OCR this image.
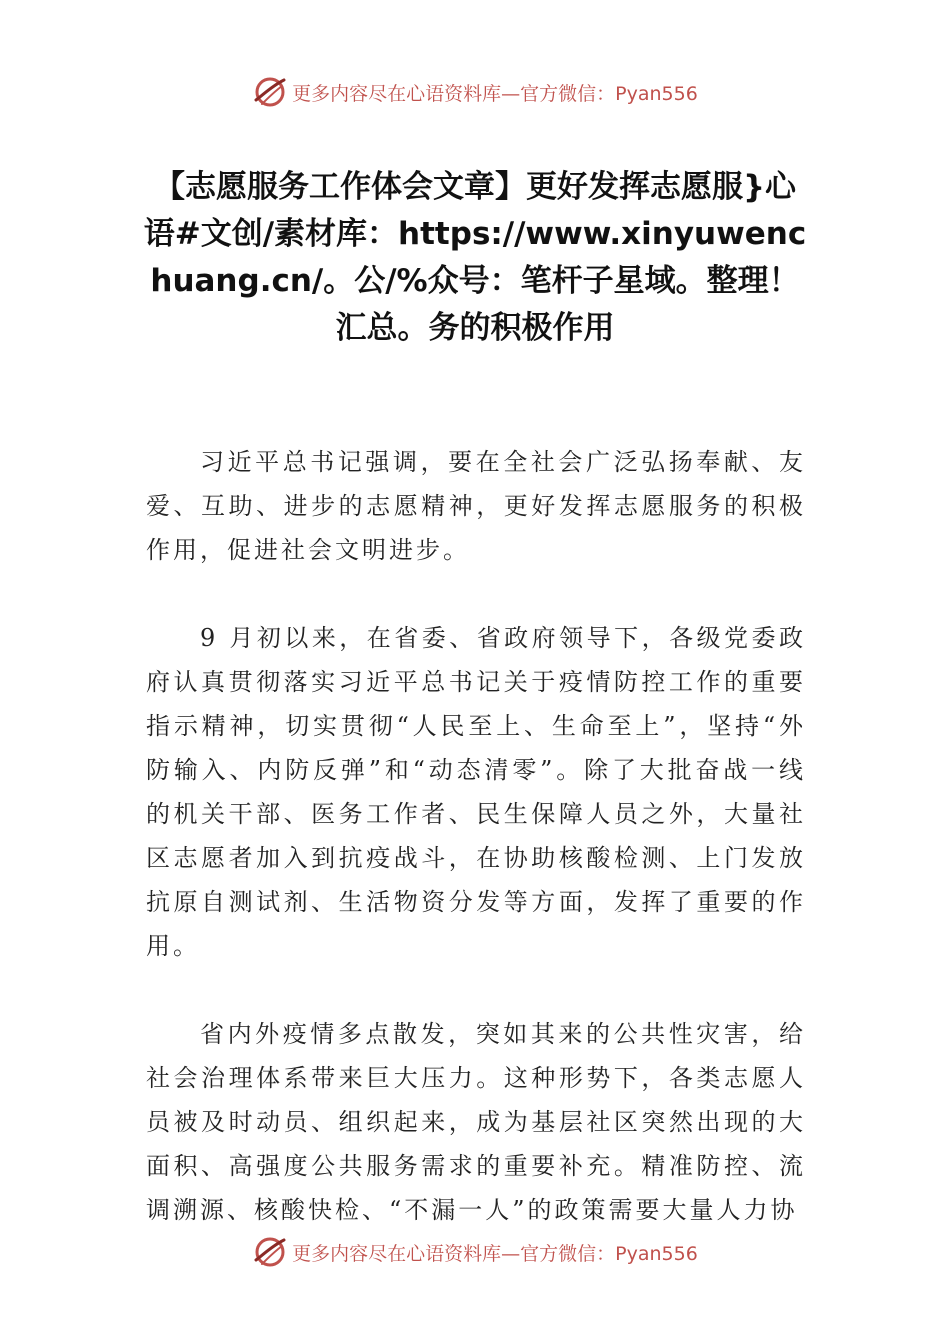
更多内容尽在心语资料库—官方微信：Pyan556
【志愿服务工作体会文章】更好发挥志愿服}心语#文创/素材库：https://www.xinyuwenchuang.cn/。公/%众号：笔杆子星域。整理！汇总。务的积极作用

习近平总书记强调，要在全社会广泛弘扬奉献、友爱、互助、进步的志愿精神，更好发挥志愿服务的积极作用，促进社会文明进步。

9 月初以来，在省委、省政府领导下，各级党委政府认真贯彻落实习近平总书记关于疫情防控工作的重要指示精神，切实贯彻“人民至上、生命至上”，坚持“外防输入、内防反弹”和“动态清零”。除了大批奋战一线的机关干部、医务工作者、民生保障人员之外，大量社区志愿者加入到抗疫战斗，在协助核酸检测、上门发放抗原自测试剂、生活物资分发等方面，发挥了重要的作用。

省内外疫情多点散发，突如其来的公共性灾害，给社会治理体系带来巨大压力。这种形势下，各类志愿人员被及时动员、组织起来，成为基层社区突然出现的大面积、高强度公共服务需求的重要补充。精准防控、流调溯源、核酸快检、“不漏一人”的政策需要大量人力协

更多内容尽在心语资料库—官方微信：Pyan556
